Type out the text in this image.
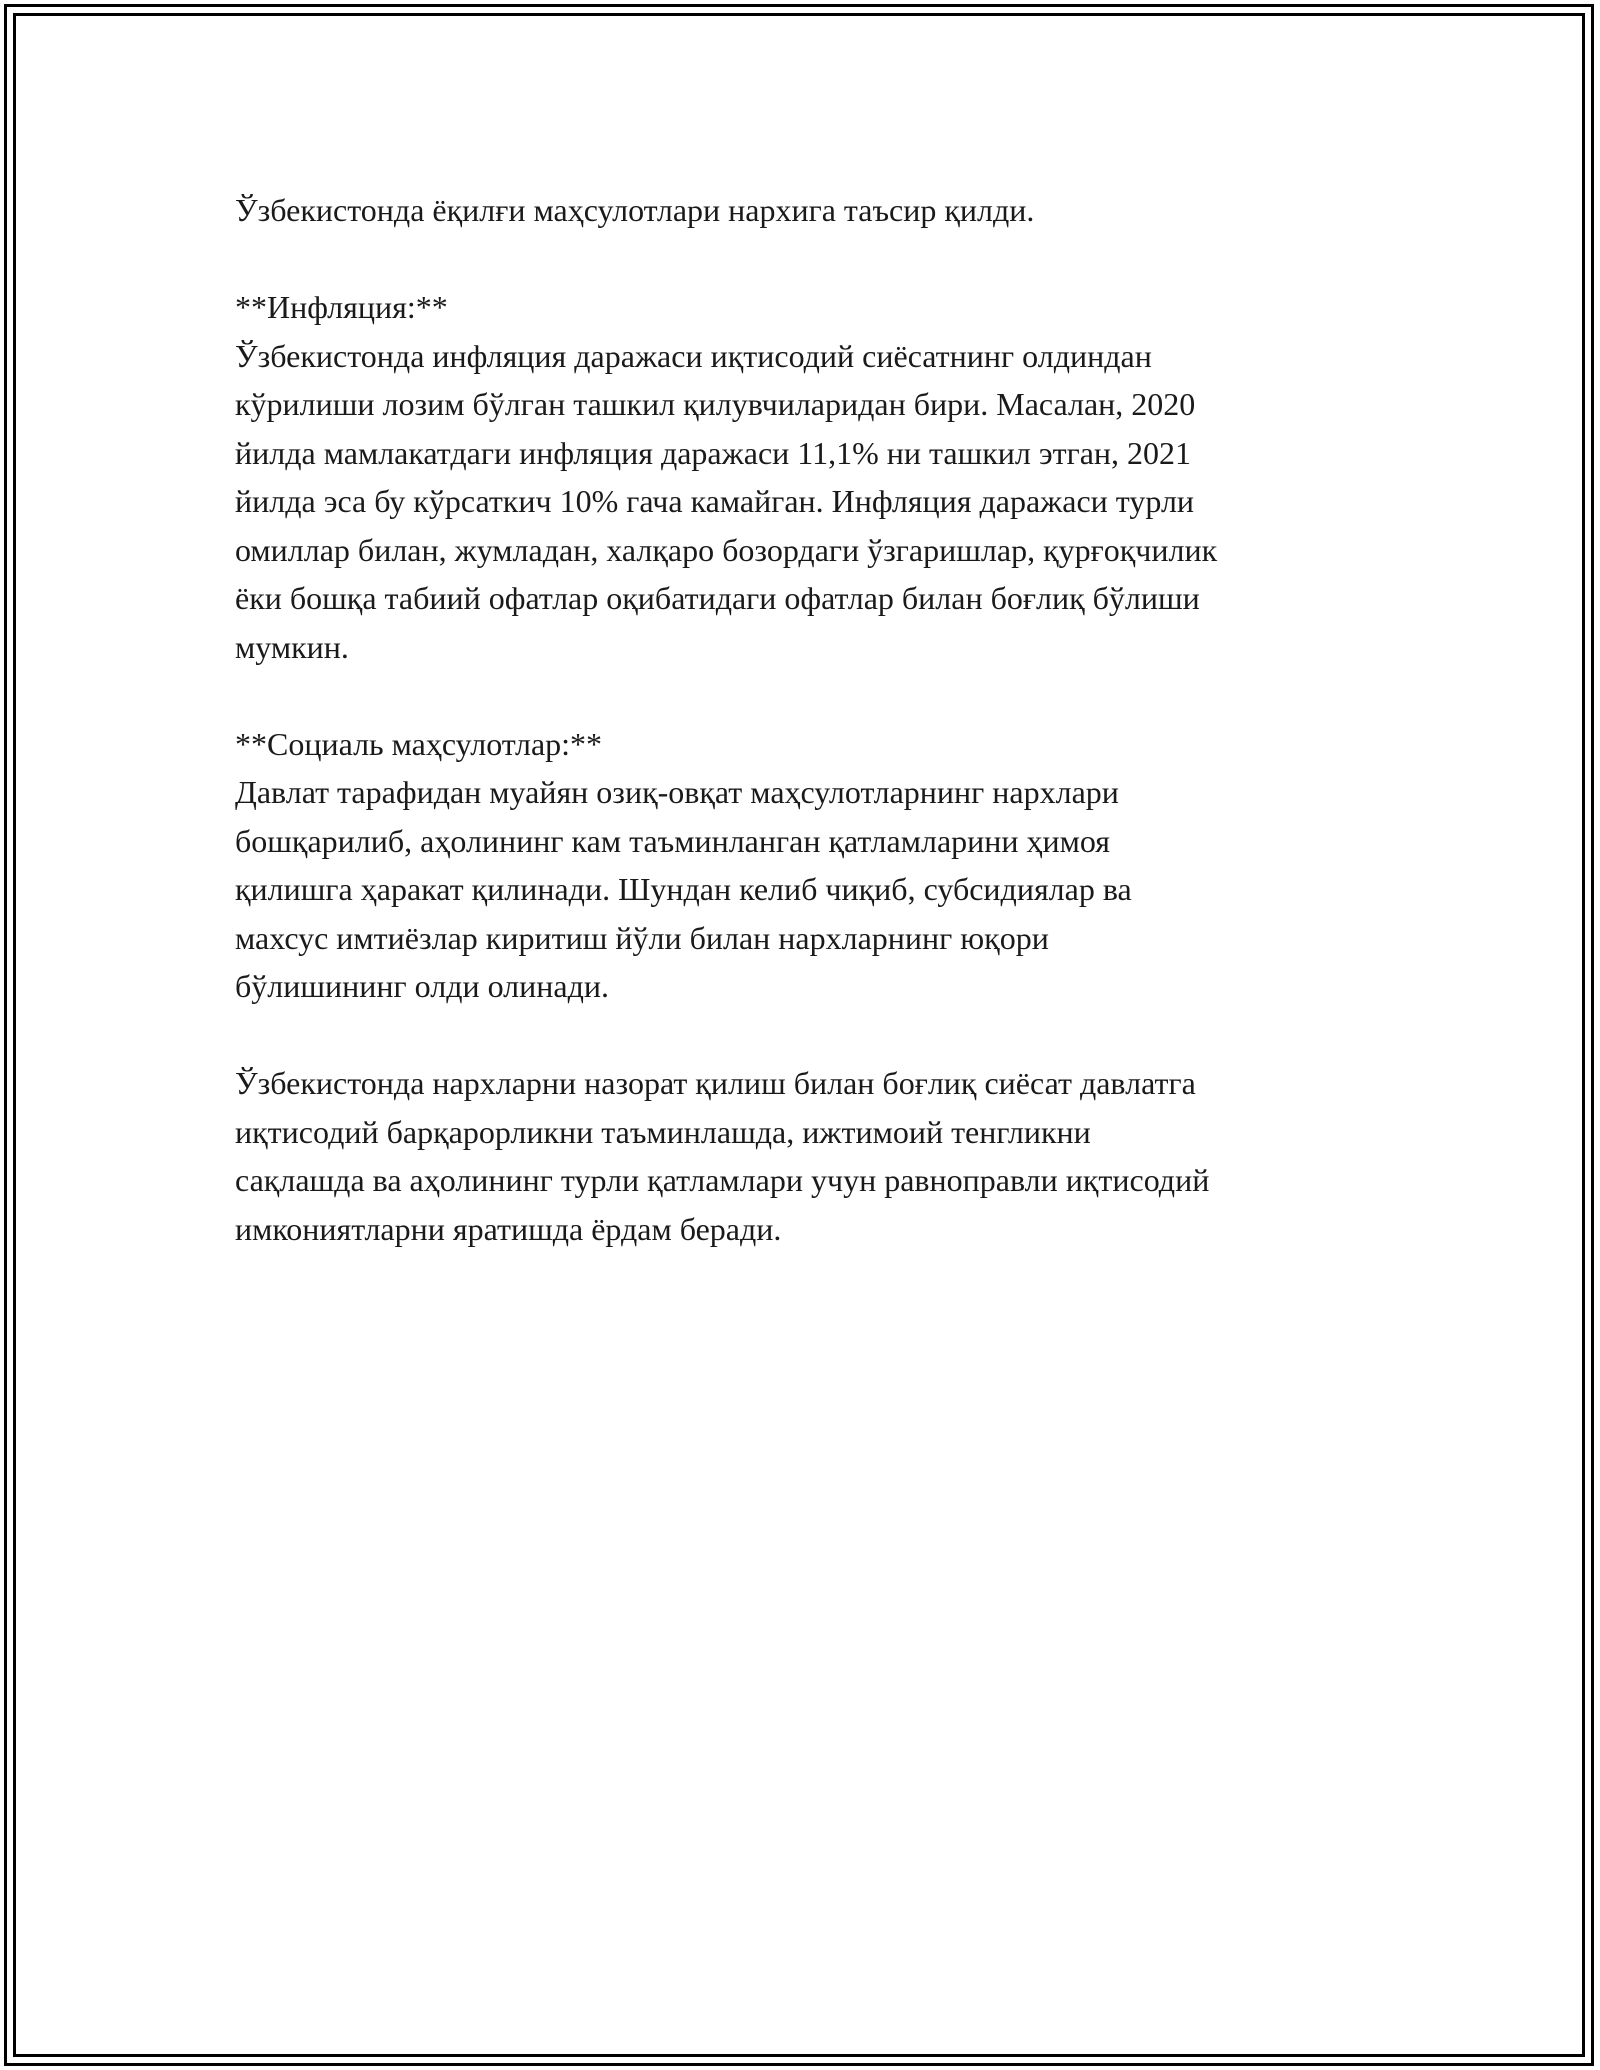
Ўзбекистонда ёқилғи маҳсулотлари нархига таъсир қилди.

**Инфляция:**

Ўзбекистонда инфляция даражаси иқтисодий сиёсатнинг олдиндан
кўрилиши лозим бўлган ташкил қилувчиларидан бири. Масалан, 2020
йилда мамлакатдаги инфляция даражаси 11,1% ни ташкил этган, 2021
йилда эса бу кўрсаткич 10% гача камайган. Инфляция даражаси турли
омиллар билан, жумладан, халқаро бозордаги ўзгаришлар, қурғоқчилик
ёки бошқа табиий офатлар оқибатидаги офатлар билан боғлиқ бўлиши
мумкин.

**Социаль маҳсулотлар:**

Давлат тарафидан муайян озиқ-овқат маҳсулотларнинг нархлари
бошқарилиб, аҳолининг кам таъминланган қатламларини ҳимоя
қилишга ҳаракат қилинади. Шундан келиб чиқиб, субсидиялар ва
махсус имтиёзлар киритиш йўли билан нархларнинг юқори
бўлишининг олди олинади.

Ўзбекистонда нархларни назорат қилиш билан боғлиқ сиёсат давлатга
иқтисодий барқарорликни таъминлашда, ижтимоий тенгликни
сақлашда ва аҳолининг турли қатламлари учун равноправли иқтисодий
имкониятларни яратишда ёрдам беради.
